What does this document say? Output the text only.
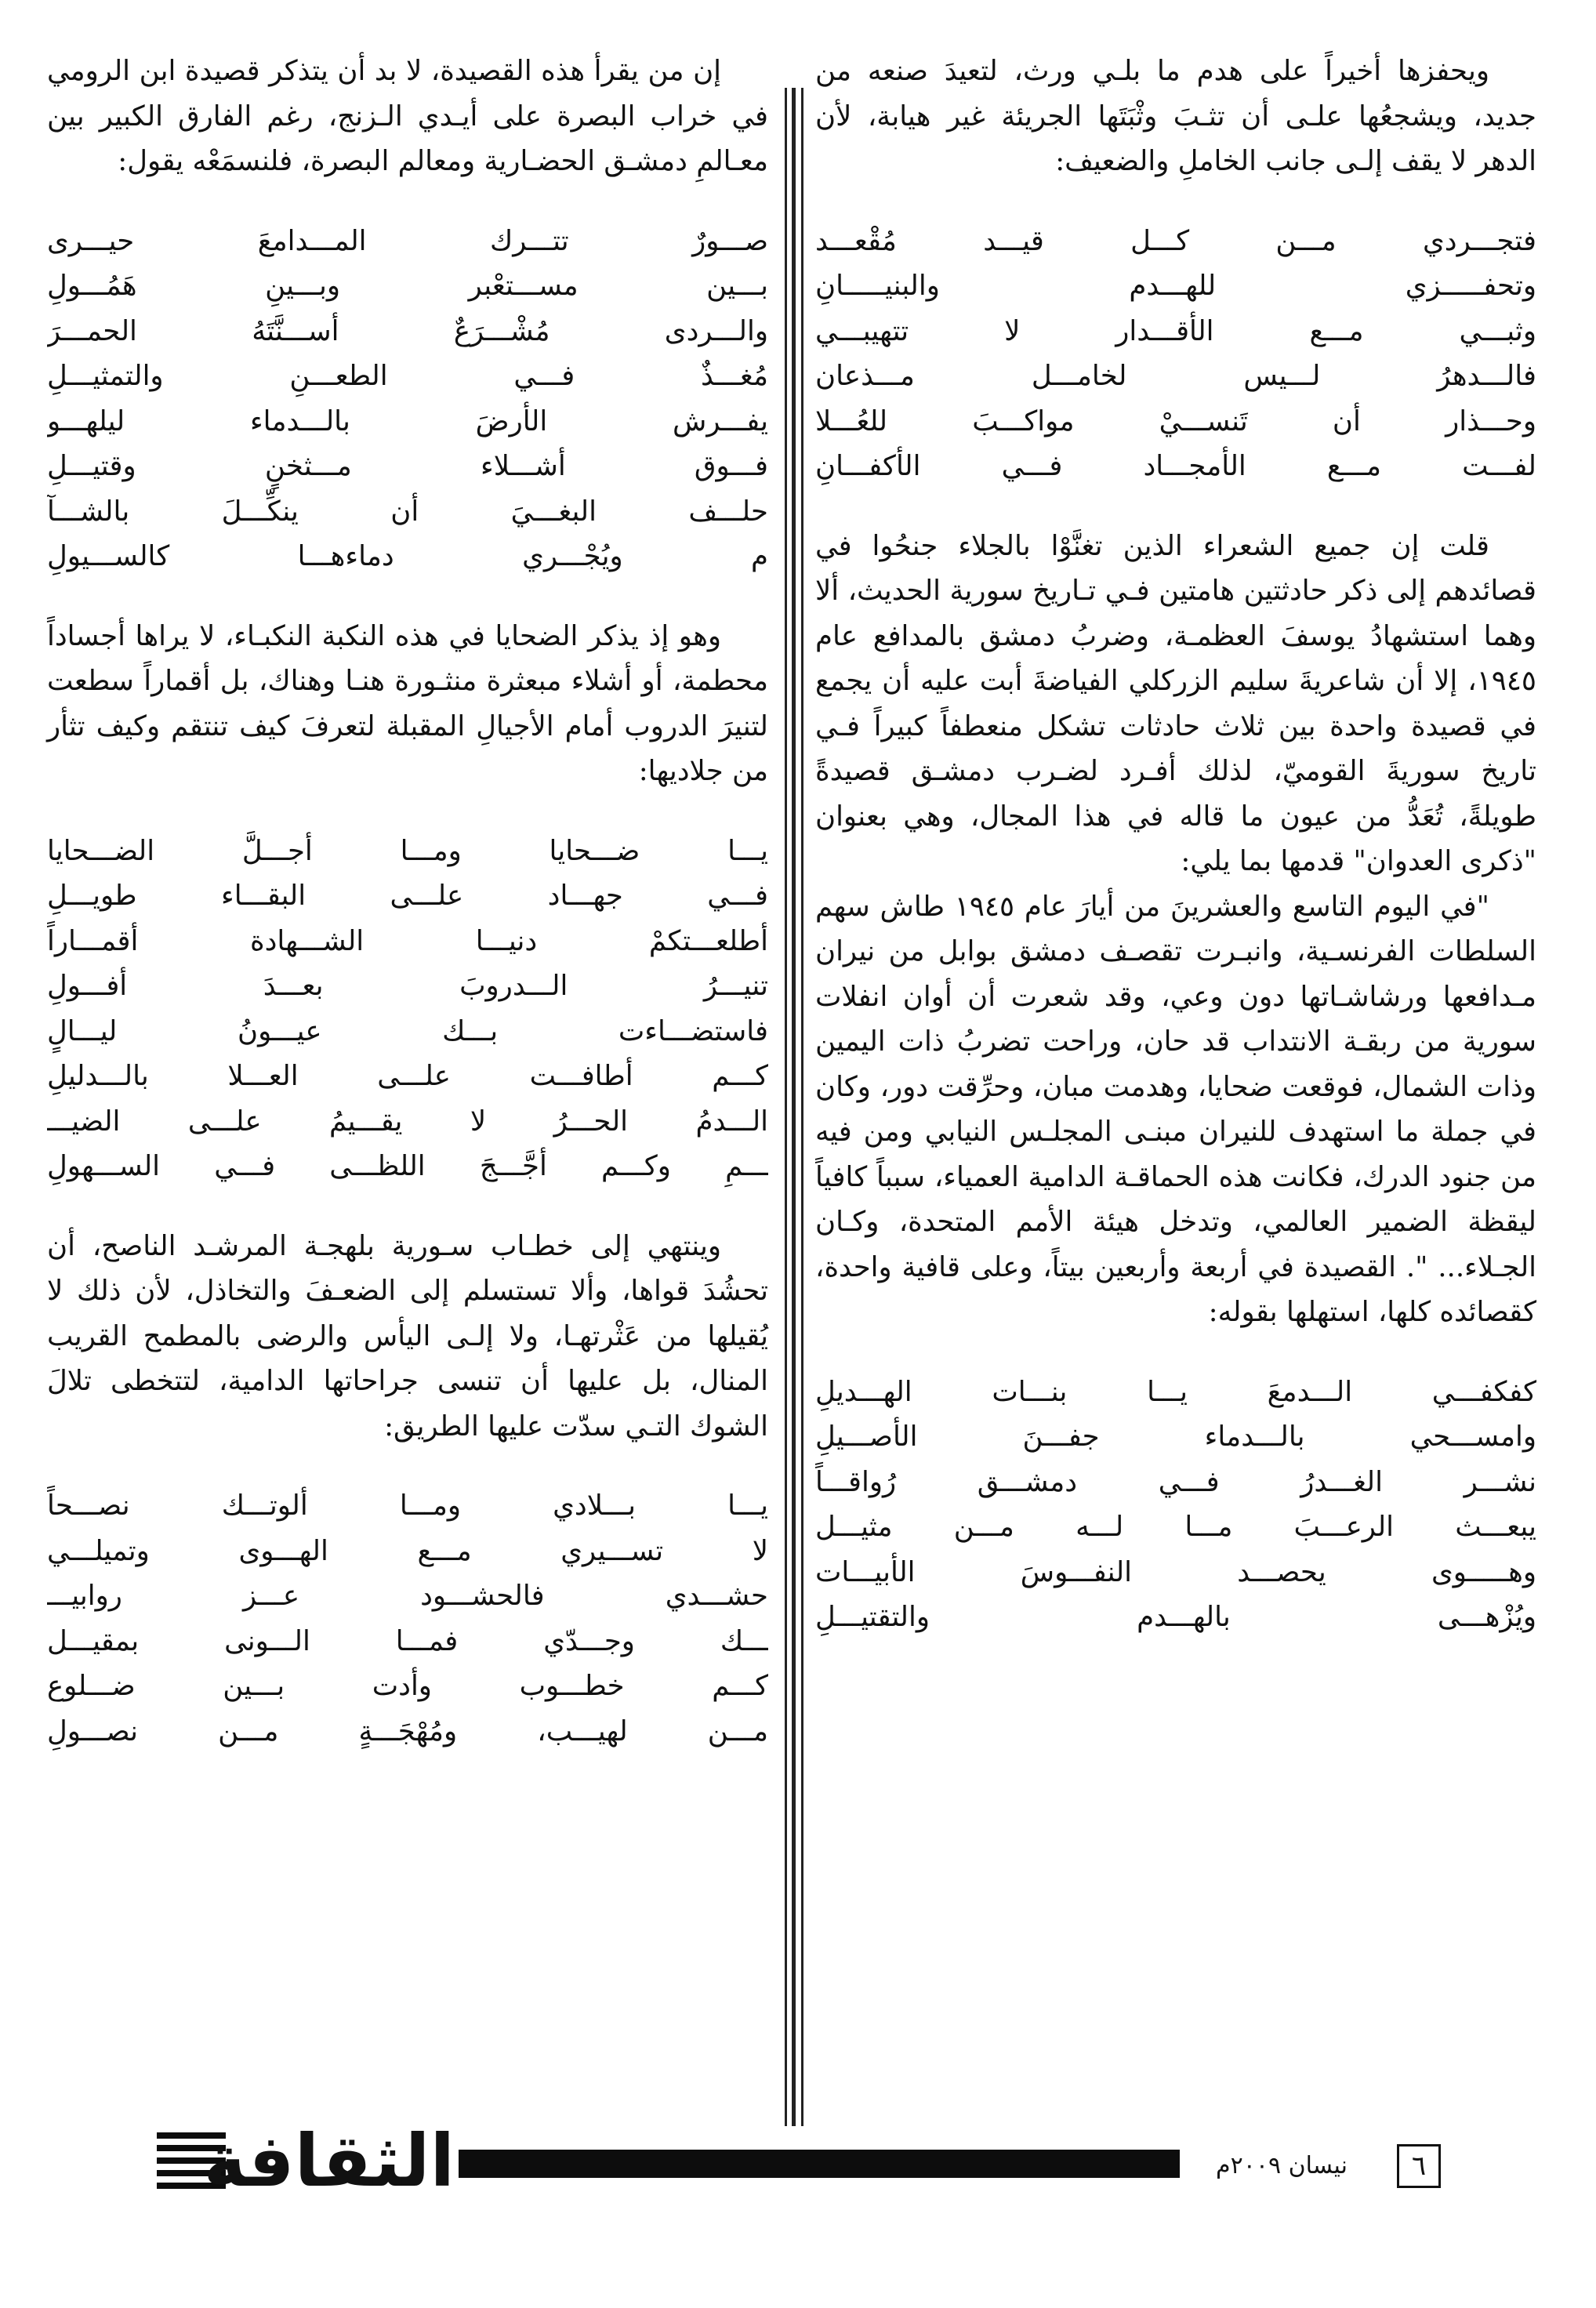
ويحفزها أخيراً على هدم ما بلـي ورث، لتعيدَ صنعه من جديد، ويشجعُها علـى أن تثـبَ وثْبَتَها الجريئة غير هيابة، لأن الدهر لا يقف إلـى جانب الخاملِ والضعيف:

فتجـــردي مـــن كـــل قيـــد مُقْعـــد
وتحفـــــزي للهـــدم والبنيـــــانِ
وثبـــي مـــع الأقـــدار لا تتهيبـــي
فالـــدهرُ لـــيس لخامـــل مـــذعان
وحـــذار أن تَنســـيْ مواكـــبَ للعُـــلا
لفـــت مـــع الأمجـــاد فـــي الأكفـــانِ

قلت إن جميع الشعراء الذين تغنَّوْا بالجلاء جنحُوا في قصائدهم إلى ذكر حادثتين هامتين فـي تـاريخ سورية الحديث، ألا وهما استشهادُ يوسفَ العظمـة، وضربُ دمشق بالمدافع عام ١٩٤٥، إلا أن شاعريةَ سليم الزركلي الفياضةَ أبت عليه أن يجمع في قصيدة واحدة بين ثلاث حادثات تشكل منعطفاً كبيراً فـي تاريخ سوريةَ القوميّ، لذلك أفـرد لضـرب دمشـق قصيدةً طويلةً، تُعَدُّ من عيون ما قاله في هذا المجال، وهي بعنوان "ذكرى العدوان" قدمها بما يلي:

"في اليوم التاسع والعشرينَ من أيارَ عام ١٩٤٥ طاش سهم السلطات الفرنسـية، وانبـرت تقصـف دمشق بوابل من نيران مـدافعها ورشاشـاتها دون وعي، وقد شعرت أن أوان انفلات سورية من ربقـة الانتداب قد حان، وراحت تضربُ ذات اليمين وذات الشمال، فوقعت ضحايا، وهدمت مبان، وحرِّقت دور، وكان في جملة ما استهدف للنيران مبنـى المجلـس النيابي ومن فيه من جنود الدرك، فكانت هذه الحماقـة الدامية العمياء، سبباً كافياً ليقظة الضمير العالمي، وتدخل هيئة الأمم المتحدة، وكـان الجـلاء... ". القصيدة في أربعة وأربعين بيتاً، وعلى قافية واحدة، كقصائده كلها، استهلها بقوله:

كفكفـــي الـــدمعَ يـــا بنـــات الهـــديلِ
وامســـحي بالـــدماء جفـــنَ الأصـــيلِ
نشـــر الغـــدرُ فـــي دمشـــق رُواقـــاً
يبعـــث الرعـــبَ مـــا لـــه مـــن مثيـــل
وهـــــوى يحصـــد النفـــوسَ الأبيـــات
ويُزْهـــى بالهـــدم والتقتيـــلِ

إن من يقرأ هذه القصيدة، لا بد أن يتذكر قصيدة ابن الرومي في خراب البصرة على أيـدي الـزنج، رغم الفارق الكبير بين معـالمِ دمشـق الحضـارية ومعالم البصرة، فلنسمَعْه يقول:

صـــورٌ تتـــرك المـــدامعَ حيـــرى
بـــين مســـتعْبر وبـــينِ هَمُـــولِ
والـــردى مُشْـــرَعٌ أســـنَّتَهُ الحمـــرَ
مُغـــذٌ فـــي الطعـــنِ والتمثيـــلِ
يفـــرش الأرضَ بالـــدماء ليلهـــو
فـــوق أشـــلاء مـــثخنٍ وقتيـــلِ
حلـــف البغـــيَ أن ينكِّـــلَ بالشـــآ
م ويُجْـــري دماءهـــا كالســـيولِ

وهو إذ يذكر الضحايا في هذه النكبة النكبـاء، لا يراها أجساداً محطمة، أو أشلاء مبعثرة منثـورة هنـا وهناك، بل أقماراً سطعت لتنيرَ الدروب أمام الأجيالِ المقبلة لتعرفَ كيف تنتقم وكيف تثأر من جلاديها:

يـــا ضـــحايا ومـــا أجـــلَّ الضـــحايا
فـــي جهـــاد علـــى البقـــاء طويـــلِ
أطلعـــتكمْ دنيـــا الشـــهادة أقمـــاراً
تنيـــرُ الـــدروبَ بعـــدَ أفـــولِ
فاستضـــاءت بـــك عيـــونُ ليـــالٍ
كـــم أطافـــت علـــى العـــلا بالـــدليلِ
الـــدمُ الحـــرُ لا يقـــيمُ علـــى الضيـــ
ـــمِ وكـــم أجَّـــجَ اللظـــى فـــي الســـهولِ

وينتهي إلى خطـاب سـورية بلهجـة المرشـد الناصح، أن تحشُدَ قواها، وألا تستسلم إلى الضعـفَ والتخاذل، لأن ذلك لا يُقيلها من عَثْرتهـا، ولا إلـى اليأس والرضى بالمطمح القريب المنال، بل عليها أن تنسى جراحاتها الدامية، لتتخطى تلالَ الشوك التـي سدّت عليها الطريق:

يـــا بـــلادي ومـــا ألوتـــك نصـــحاً
لا تســـيري مـــع الهـــوى وتميلـــي
حشـــدي فالحشـــود عـــز روابيـــ
ـــك وجـــدّي فمـــا الـــونى بمقيـــل
كـــم خطـــوب وأدت بـــين ضـــلوع
مـــن لهيـــب، ومُهْجَـــةٍ مـــن نصـــولِ
الثقافة	نيسان ٢٠٠٩م	٦
